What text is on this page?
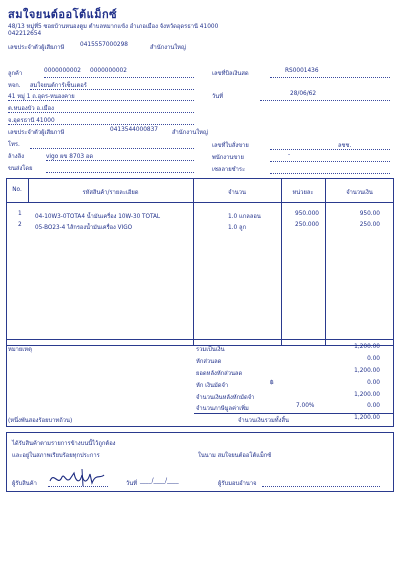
สมใจยนต์ออโต้แม็กซ์
48/13 หมู่ที่5 ซอยบ้านหนองตูม ตำบลหมากแข้ง อำเภอเมือง จังหวัดอุดรธานี 41000
042212654
เลขประจำตัวผู้เสียภาษี	0415557000298	สำนักงานใหญ่
ลูกค้า	0000000002 0000000002
หจก. สมใจยนต์การ์เซ็นเตอร์
41 หมู่ 1 ถ.อุดร-หนองคาย
ต.หนองบัว อ.เมือง
จ.อุดรธานี 41000
เลขประจำตัวผู้เสียภาษี	0413544000837 สำนักงานใหญ่
โทร.
ล้างลิง	vigo ผข 8703 อด
ขนส่งโดย
เลขที่บิลเงินสด	RS0001436
วันที่	28/06/62
เลขที่ใบสั่งขาย	ลชช.
พนักงานขาย	-
เซลลายชำระ
No.	รหัสสินค้า/รายละเอียด	จำนวน	หน่วยละ	จำนวนเงิน
1 04-10W3-0TOTA4 น้ำมันเครื่อง 10W-30 TOTAL	1.0 แกลลอน	950.000	950.00
2 05-BO23-4 ไส้กรองน้ำมันเครื่อง VIGO	1.0 ลูก	250.000	250.00
หมายเหตุ	รวมเป็นเงิน	1,200.00
หักส่วนลด	0.00
ยอดหลังหักส่วนลด	1,200.00
หัก เงินมัดจำ	฿	0.00
จำนวนเงินหลังหักมัดจำ	1,200.00
จำนวนภาษีมูลค่าเพิ่ม	7.00%	0.00
(หนึ่งพันสองร้อยบาทถ้วน)	จำนวนเงินรวมทั้งสิ้น	1,200.00
ได้รับสินค้าตามรายการข้างบนนี้ไว้ถูกต้อง
และอยู่ในสภาพเรียบร้อยทุกประการ	ในนาม สมใจยนต์ออโต้แม็กซ์
ผู้รับสินค้า	วันที่ ____/____/____	ผู้รับมอบอำนาจ
